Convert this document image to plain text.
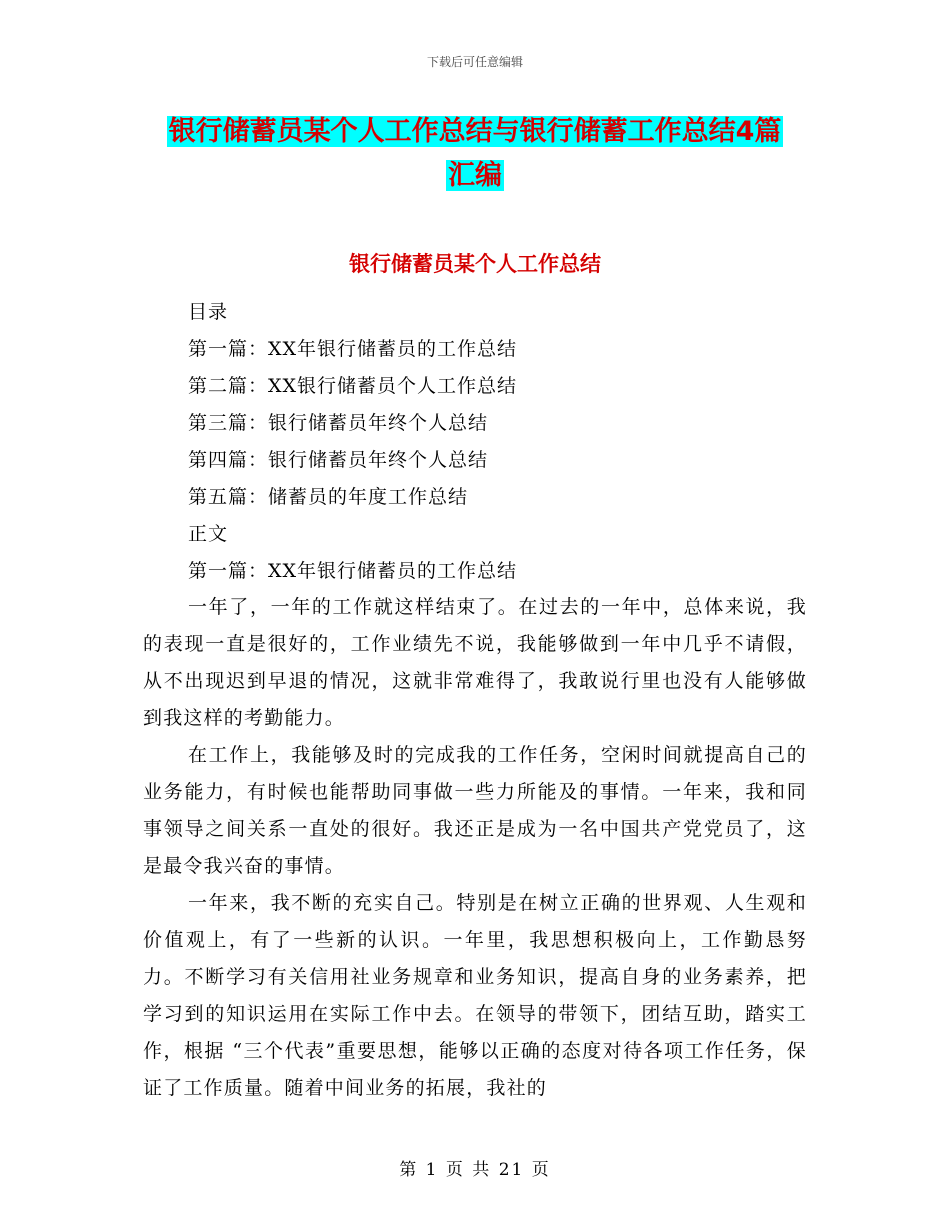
下载后可任意编辑
银行储蓄员某个人工作总结与银行储蓄工作总结4篇
汇编
银行储蓄员某个人工作总结
目录
第一篇：XX年银行储蓄员的工作总结
第二篇：XX银行储蓄员个人工作总结
第三篇：银行储蓄员年终个人总结
第四篇：银行储蓄员年终个人总结
第五篇：储蓄员的年度工作总结
正文
第一篇：XX年银行储蓄员的工作总结

一年了，一年的工作就这样结束了。在过去的一年中，总体来说，我的表现一直是很好的，工作业绩先不说，我能够做到一年中几乎不请假，从不出现迟到早退的情况，这就非常难得了，我敢说行里也没有人能够做到我这样的考勤能力。

在工作上，我能够及时的完成我的工作任务，空闲时间就提高自己的业务能力，有时候也能帮助同事做一些力所能及的事情。一年来，我和同事领导之间关系一直处的很好。我还正是成为一名中国共产党党员了，这是最令我兴奋的事情。

一年来，我不断的充实自己。特别是在树立正确的世界观、人生观和价值观上，有了一些新的认识。一年里，我思想积极向上，工作勤恳努力。不断学习有关信用社业务规章和业务知识，提高自身的业务素养，把学习到的知识运用在实际工作中去。在领导的带领下，团结互助，踏实工作，根据 “三个代表”重要思想，能够以正确的态度对待各项工作任务，保证了工作质量。随着中间业务的拓展，我社的

第 1 页 共 21 页
